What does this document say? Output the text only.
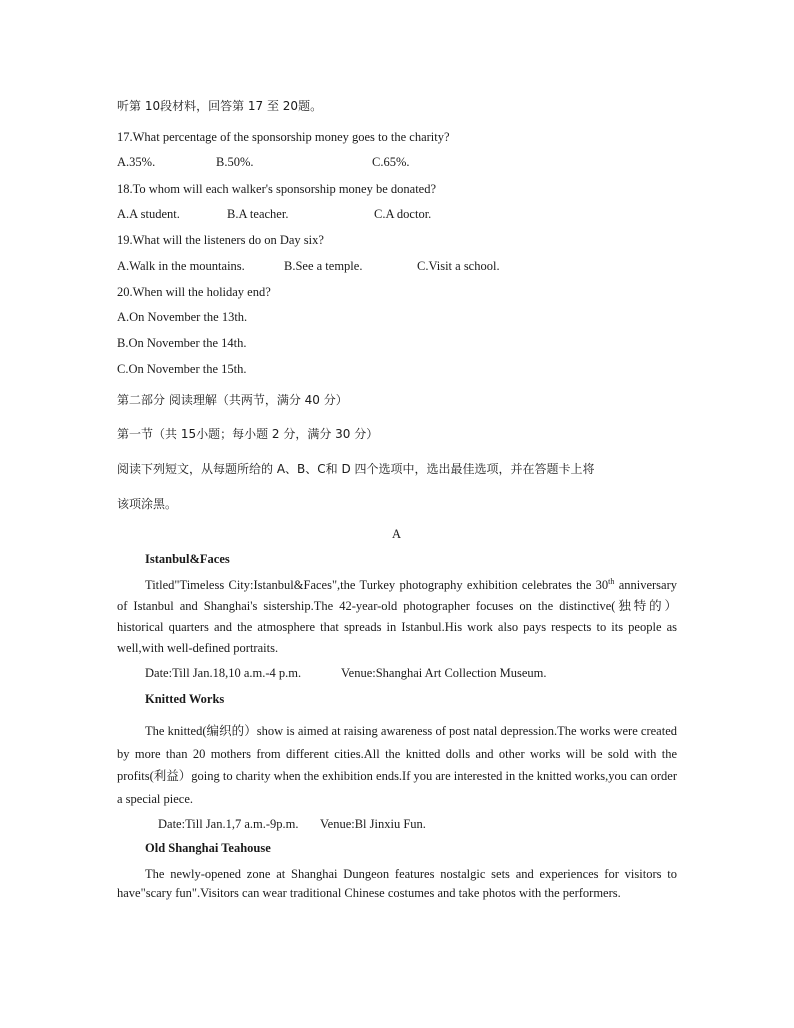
听第 10段材料，回答第 17 至 20题。
17.What percentage of the sponsorship money goes to the charity?
A.35%.	B.50%.	C.65%.
18.To whom will each walker's sponsorship money be donated?
A.A student.	B.A teacher.	C.A doctor.
19.What will the listeners do on Day six?
A.Walk in the mountains.	B.See a temple.	C.Visit a school.
20.When will the holiday end?
A.On November the 13th.
B.On November the 14th.
C.On November the 15th.
第二部分 阅读理解（共两节，满分 40 分）
第一节（共 15小题；每小题 2 分，满分 30 分）
阅读下列短文，从每题所给的 A、B、C和 D 四个选项中，选出最佳选项，并在答题卡上将
该项涂黑。
A
Istanbul&Faces

Titled"Timeless City:Istanbul&Faces",the Turkey photography exhibition celebrates the 30th anniversary of Istanbul and Shanghai's sistership.The 42-year-old photographer focuses on the distinctive(独特的）historical quarters and the atmosphere that spreads in Istanbul.His work also pays respects to its people as well,with well-defined portraits.

Date:Till Jan.18,10 a.m.-4 p.m.	Venue:Shanghai Art Collection Museum.
Knitted Works

The knitted(编织的）show is aimed at raising awareness of post natal depression.The works were created by more than 20 mothers from different cities.All the knitted dolls and other works will be sold with the profits(利益）going to charity when the exhibition ends.If you are interested in the knitted works,you can order a special piece.

Date:Till Jan.1,7 a.m.-9p.m. Venue:Bl Jinxiu Fun.
Old Shanghai Teahouse

The newly-opened zone at Shanghai Dungeon features nostalgic sets and experiences for visitors to have"scary fun".Visitors can wear traditional Chinese costumes and take photos with the performers.
